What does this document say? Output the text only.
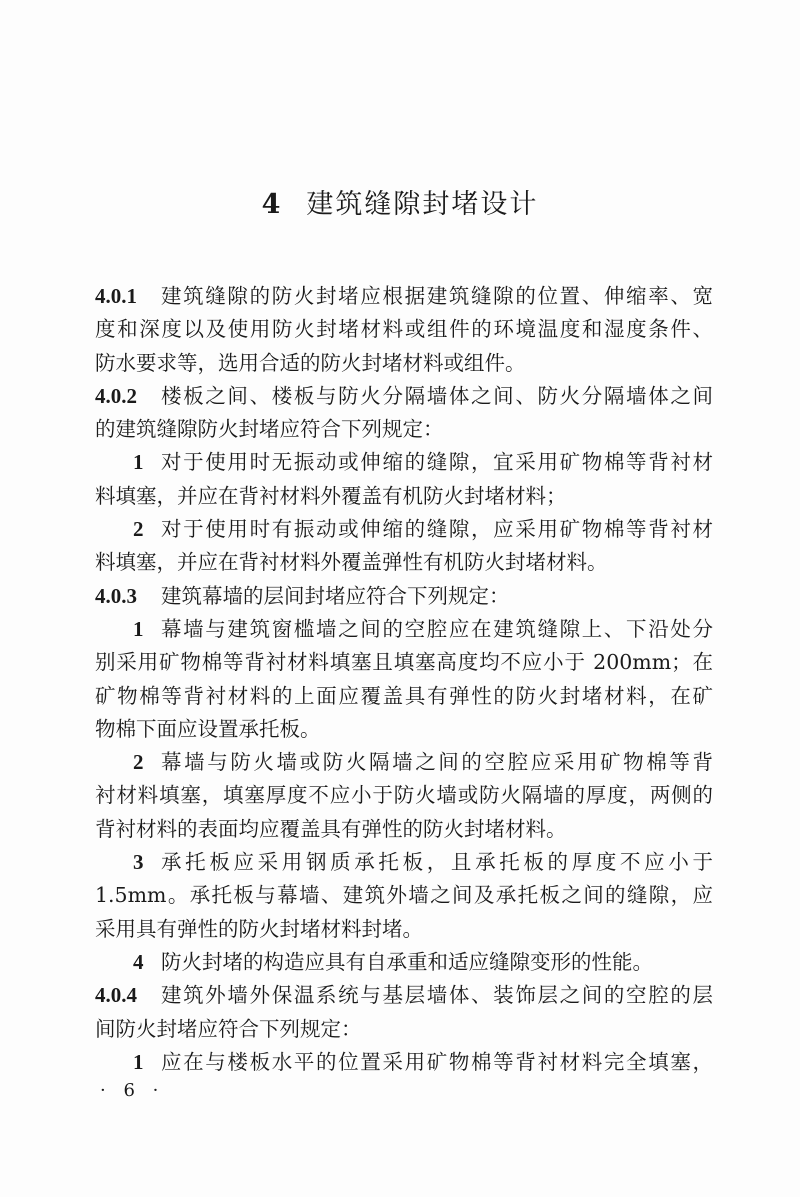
4 建筑缝隙封堵设计
4.0.1	建筑缝隙的防火封堵应根据建筑缝隙的位置、伸缩率、宽
度和深度以及使用防火封堵材料或组件的环境温度和湿度条件、
防水要求等，选用合适的防火封堵材料或组件。
4.0.2	楼板之间、楼板与防火分隔墙体之间、防火分隔墙体之间
的建筑缝隙防火封堵应符合下列规定：
1 对于使用时无振动或伸缩的缝隙，宜采用矿物棉等背衬材
料填塞，并应在背衬材料外覆盖有机防火封堵材料；
2 对于使用时有振动或伸缩的缝隙，应采用矿物棉等背衬材
料填塞，并应在背衬材料外覆盖弹性有机防火封堵材料。
4.0.3	建筑幕墙的层间封堵应符合下列规定：
1 幕墙与建筑窗槛墙之间的空腔应在建筑缝隙上、下沿处分
别采用矿物棉等背衬材料填塞且填塞高度均不应小于 200mm；在
矿物棉等背衬材料的上面应覆盖具有弹性的防火封堵材料，在矿
物棉下面应设置承托板。
2 幕墙与防火墙或防火隔墙之间的空腔应采用矿物棉等背
衬材料填塞，填塞厚度不应小于防火墙或防火隔墙的厚度，两侧的
背衬材料的表面均应覆盖具有弹性的防火封堵材料。
3 承托板应采用钢质承托板，且承托板的厚度不应小于
1.5mm。承托板与幕墙、建筑外墙之间及承托板之间的缝隙，应
采用具有弹性的防火封堵材料封堵。
4 防火封堵的构造应具有自承重和适应缝隙变形的性能。
4.0.4	建筑外墙外保温系统与基层墙体、装饰层之间的空腔的层
间防火封堵应符合下列规定：
1 应在与楼板水平的位置采用矿物棉等背衬材料完全填塞，
· 6 ·
